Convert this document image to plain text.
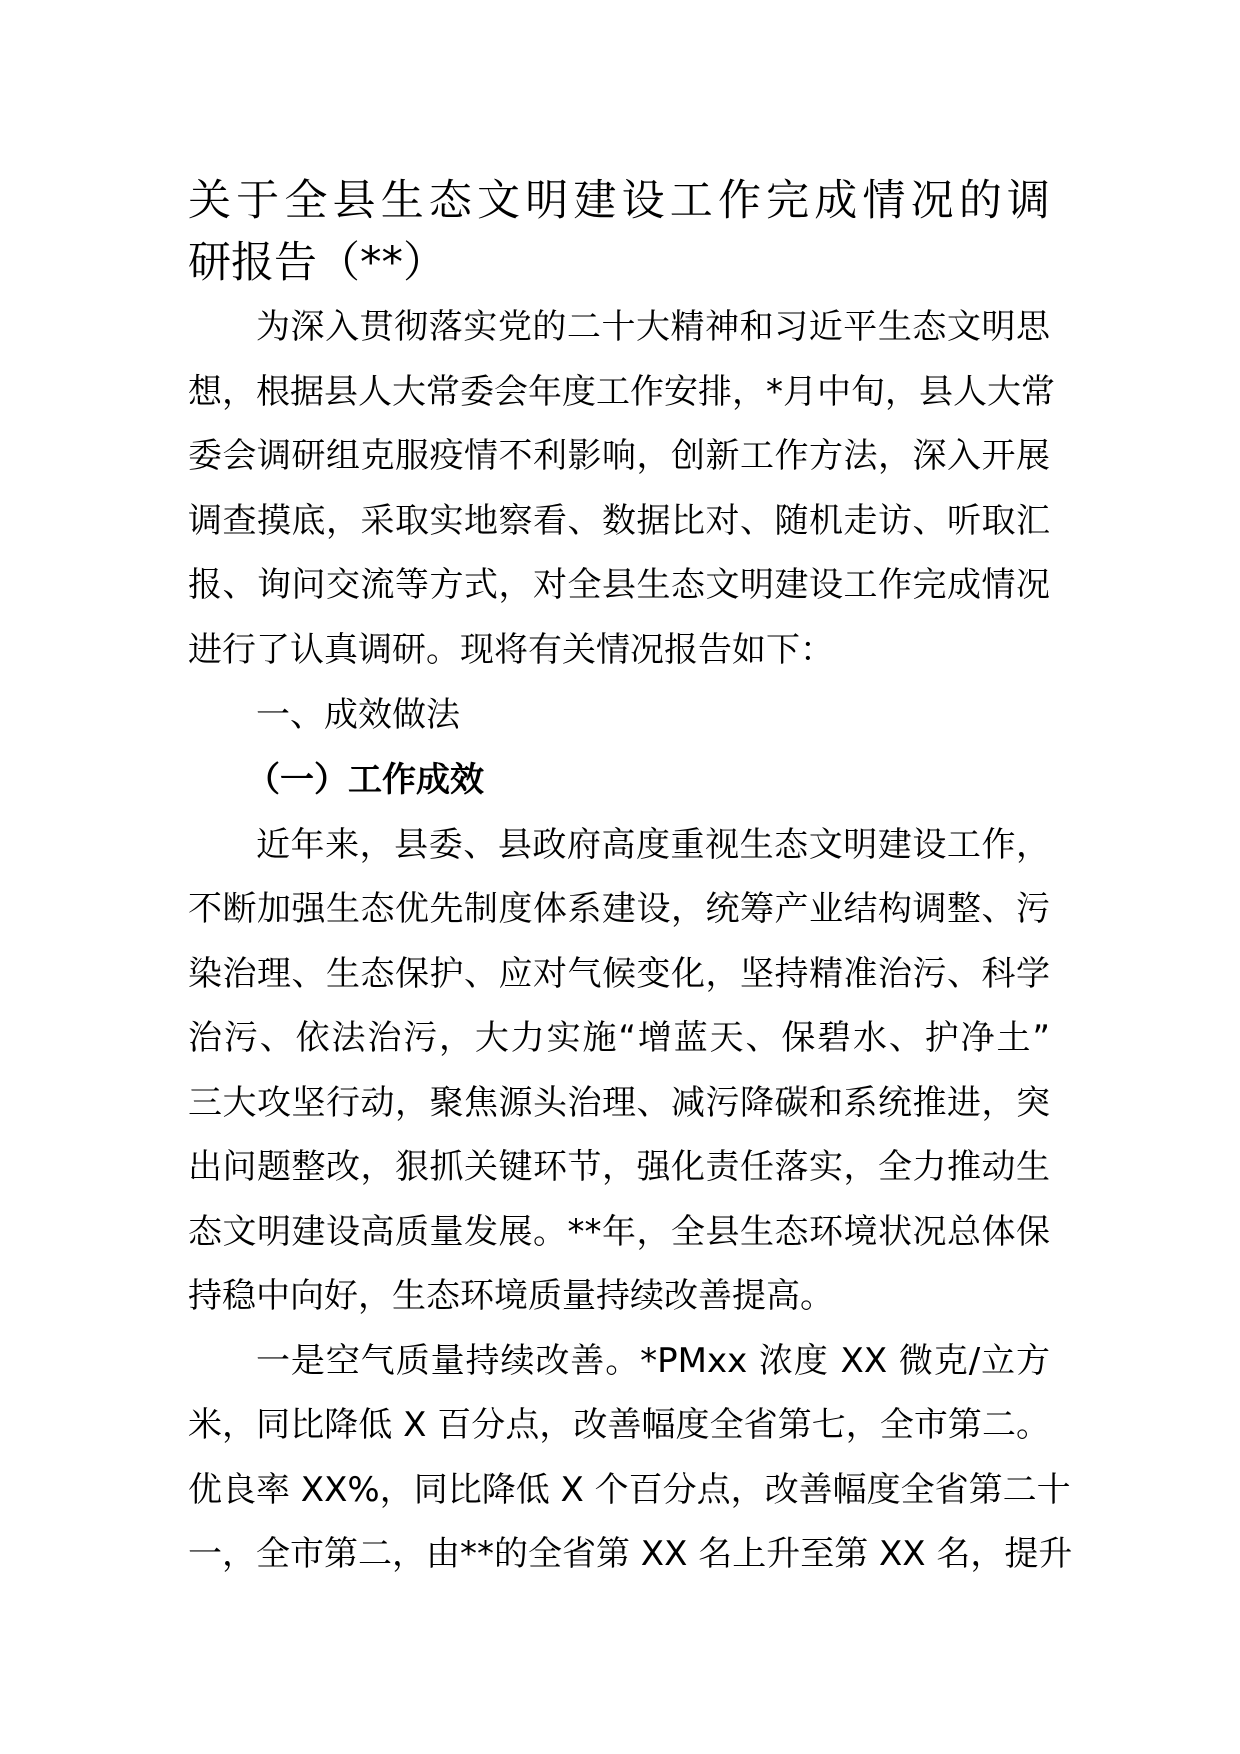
关于全县生态文明建设工作完成情况的调
研报告（**）
为深入贯彻落实党的二十大精神和习近平生态文明思
想，根据县人大常委会年度工作安排，*月中旬，县人大常
委会调研组克服疫情不利影响，创新工作方法，深入开展
调查摸底，采取实地察看、数据比对、随机走访、听取汇
报、询问交流等方式，对全县生态文明建设工作完成情况
进行了认真调研。现将有关情况报告如下：
一、成效做法
（一）工作成效
近年来，县委、县政府高度重视生态文明建设工作，
不断加强生态优先制度体系建设，统筹产业结构调整、污
染治理、生态保护、应对气候变化，坚持精准治污、科学
治污、依法治污，大力实施“增蓝天、保碧水、护净土”
三大攻坚行动，聚焦源头治理、减污降碳和系统推进，突
出问题整改，狠抓关键环节，强化责任落实，全力推动生
态文明建设高质量发展。**年，全县生态环境状况总体保
持稳中向好，生态环境质量持续改善提高。
一是空气质量持续改善。*PMxx 浓度 XX 微克/立方
米，同比降低 X 百分点，改善幅度全省第七，全市第二。
优良率 XX%，同比降低 X 个百分点，改善幅度全省第二十
一，全市第二，由**的全省第 XX 名上升至第 XX 名，提升
